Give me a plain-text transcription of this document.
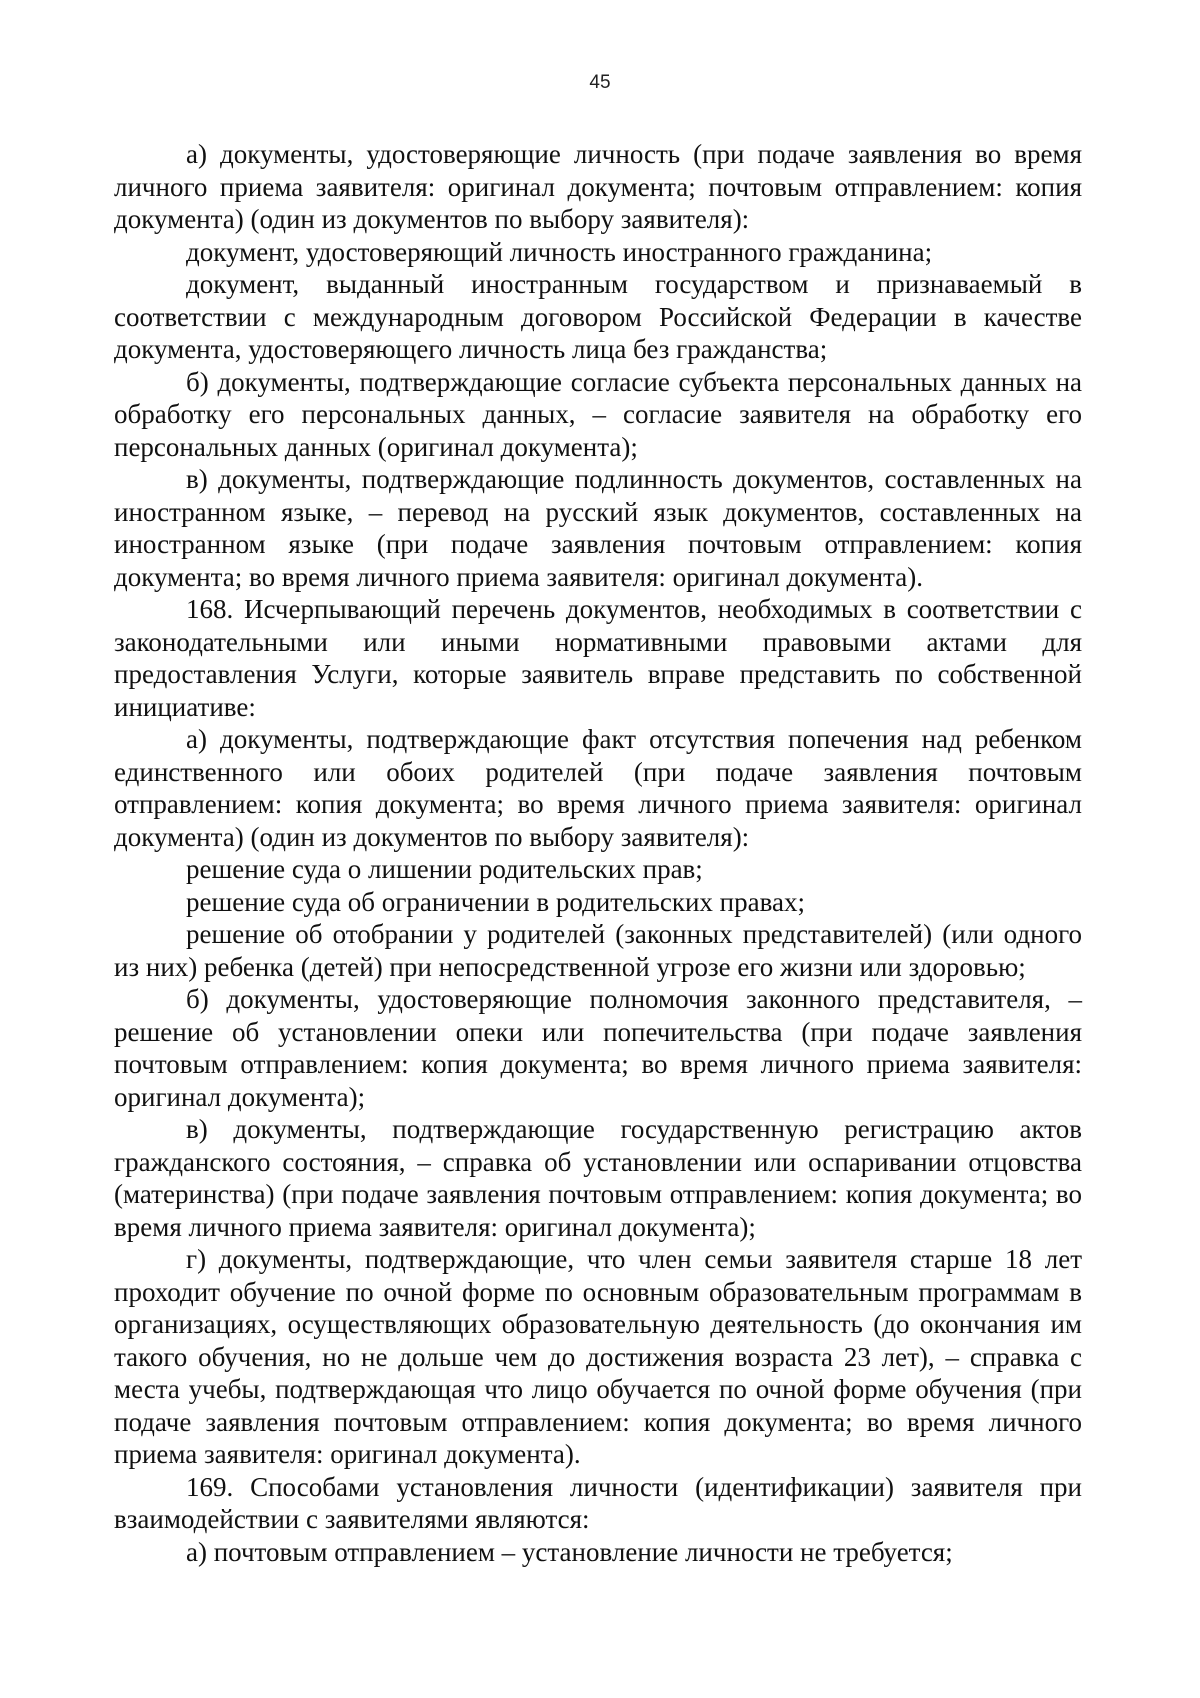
45

а) документы, удостоверяющие личность (при подаче заявления во время личного приема заявителя: оригинал документа; почтовым отправлением: копия документа) (один из документов по выбору заявителя):

документ, удостоверяющий личность иностранного гражданина;

документ, выданный иностранным государством и признаваемый в соответствии с международным договором Российской Федерации в качестве документа, удостоверяющего личность лица без гражданства;

б) документы, подтверждающие согласие субъекта персональных данных на обработку его персональных данных, – согласие заявителя на обработку его персональных данных (оригинал документа);

в) документы, подтверждающие подлинность документов, составленных на иностранном языке, – перевод на русский язык документов, составленных на иностранном языке (при подаче заявления почтовым отправлением: копия документа; во время личного приема заявителя: оригинал документа).

168. Исчерпывающий перечень документов, необходимых в соответствии с законодательными или иными нормативными правовыми актами для предоставления Услуги, которые заявитель вправе представить по собственной инициативе:

а) документы, подтверждающие факт отсутствия попечения над ребенком единственного или обоих родителей (при подаче заявления почтовым отправлением: копия документа; во время личного приема заявителя: оригинал документа) (один из документов по выбору заявителя):

решение суда о лишении родительских прав;

решение суда об ограничении в родительских правах;

решение об отобрании у родителей (законных представителей) (или одного из них) ребенка (детей) при непосредственной угрозе его жизни или здоровью;

б) документы, удостоверяющие полномочия законного представителя, – решение об установлении опеки или попечительства (при подаче заявления почтовым отправлением: копия документа; во время личного приема заявителя: оригинал документа);

в) документы, подтверждающие государственную регистрацию актов гражданского состояния, – справка об установлении или оспаривании отцовства (материнства) (при подаче заявления почтовым отправлением: копия документа; во время личного приема заявителя: оригинал документа);

г) документы, подтверждающие, что член семьи заявителя старше 18 лет проходит обучение по очной форме по основным образовательным программам в организациях, осуществляющих образовательную деятельность (до окончания им такого обучения, но не дольше чем до достижения возраста 23 лет), – справка с места учебы, подтверждающая что лицо обучается по очной форме обучения (при подаче заявления почтовым отправлением: копия документа; во время личного приема заявителя: оригинал документа).

169. Способами установления личности (идентификации) заявителя при взаимодействии с заявителями являются:

а) почтовым отправлением – установление личности не требуется;
